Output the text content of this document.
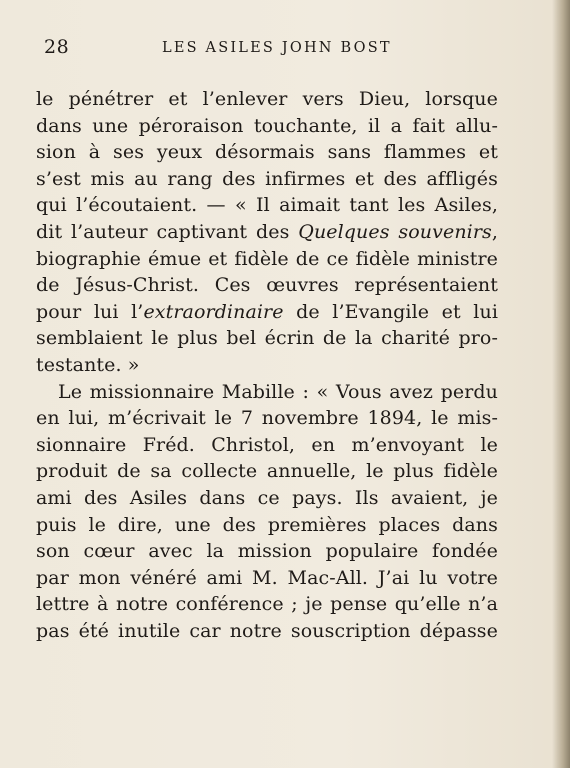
28	LES ASILES JOHN BOST
le pénétrer et l’enlever vers Dieu, lorsque
dans une péroraison touchante, il a fait allu-
sion à ses yeux désormais sans flammes et
s’est mis au rang des infirmes et des affligés
qui l’écoutaient. — « Il aimait tant les Asiles,
dit l’auteur captivant des Quelques souvenirs,
biographie émue et fidèle de ce fidèle ministre
de Jésus-Christ. Ces œuvres représentaient
pour lui l’extraordinaire de l’Evangile et lui
semblaient le plus bel écrin de la charité pro-
testante. »
Le missionnaire Mabille : « Vous avez perdu
en lui, m’écrivait le 7 novembre 1894, le mis-
sionnaire Fréd. Christol, en m’envoyant le
produit de sa collecte annuelle, le plus fidèle
ami des Asiles dans ce pays. Ils avaient, je
puis le dire, une des premières places dans
son cœur avec la mission populaire fondée
par mon vénéré ami M. Mac-All. J’ai lu votre
lettre à notre conférence ; je pense qu’elle n’a
pas été inutile car notre souscription dépasse
